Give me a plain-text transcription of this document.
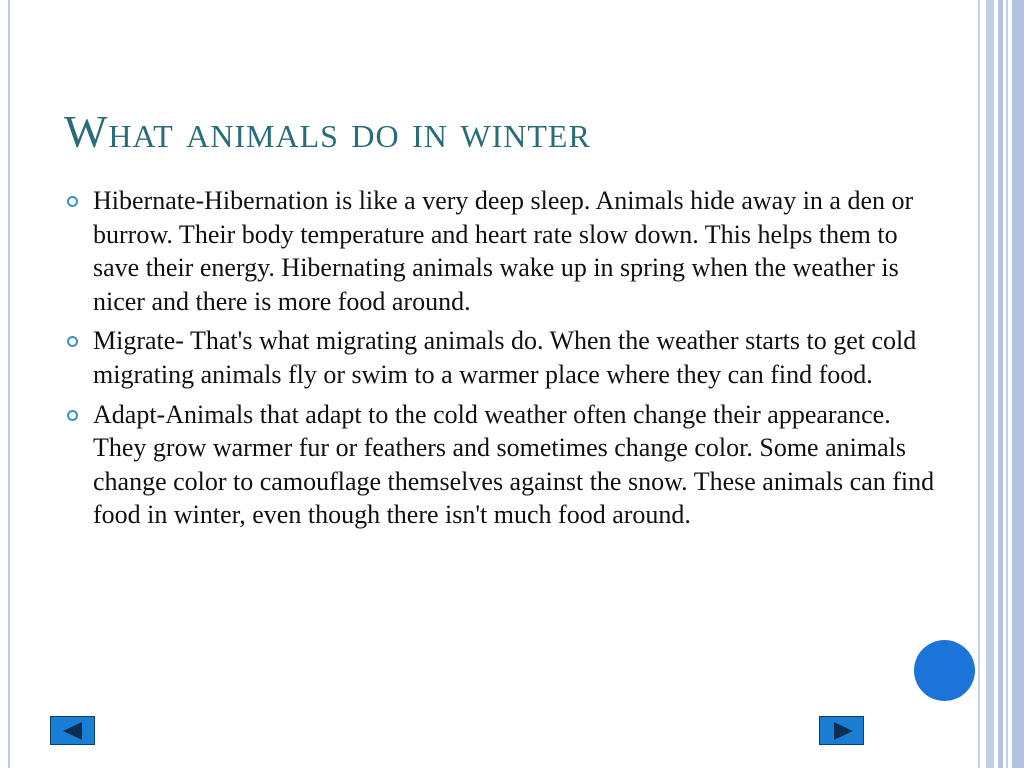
What animals do in winter
Hibernate-Hibernation is like a very deep sleep. Animals hide away in a den or burrow. Their body temperature and heart rate slow down. This helps them to save their energy. Hibernating animals wake up in spring when the weather is nicer and there is more food around.
Migrate- That's what migrating animals do. When the weather starts to get cold migrating animals fly or swim to a warmer place where they can find food.
Adapt-Animals that adapt to the cold weather often change their appearance. They grow warmer fur or feathers and sometimes change color. Some animals change color to camouflage themselves against the snow. These animals can find food in winter, even though there isn't much food around.
